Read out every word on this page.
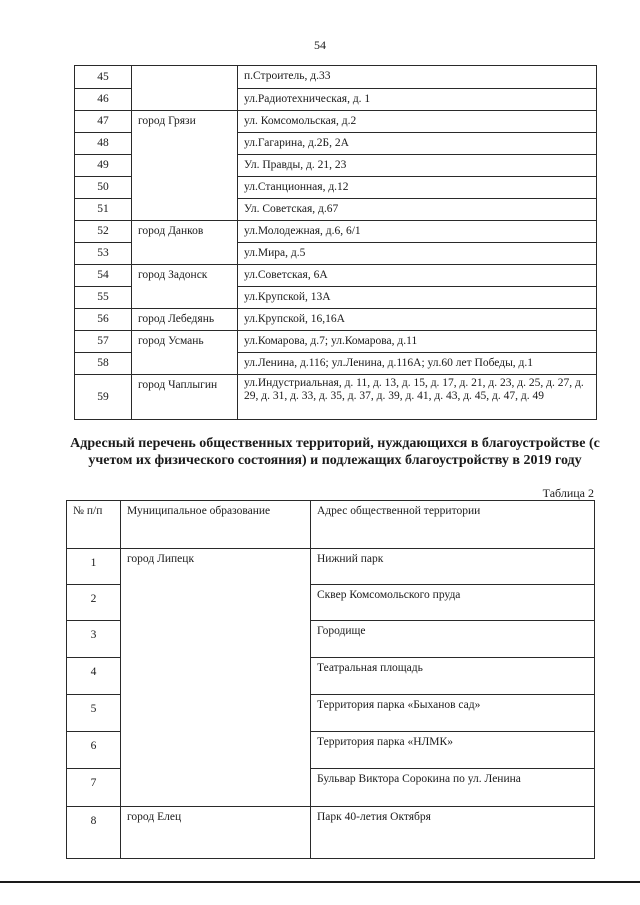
54
45		п.Строитель, д.33
46		ул.Радиотехническая, д. 1
47	город Грязи	ул. Комсомольская, д.2
48		ул.Гагарина, д.2Б, 2А
49		Ул. Правды, д. 21, 23
50		ул.Станционная, д.12
51		Ул. Советская, д.67
52	город Данков	ул.Молодежная, д.6, 6/1
53		ул.Мира, д.5
54	город Задонск	ул.Советская, 6А
55		ул.Крупской, 13А
56	город Лебедянь	ул.Крупской, 16,16А
57	город Усмань	ул.Комарова, д.7; ул.Комарова, д.11
58		ул.Ленина, д.116; ул.Ленина, д.116А; ул.60 лет Победы, д.1
59	город Чаплыгин	ул.Индустриальная, д. 11, д. 13, д. 15, д. 17, д. 21, д. 23, д. 25, д. 27, д. 29, д. 31, д. 33, д. 35, д. 37, д. 39, д. 41, д. 43, д. 45, д. 47, д. 49
Адресный перечень общественных территорий, нуждающихся в благоустройстве (с учетом их физического состояния) и подлежащих благоустройству в 2019 году
Таблица 2
№ п/п	Муниципальное образование	Адрес общественной территории
1	город Липецк	Нижний парк
2		Сквер Комсомольского пруда
3		Городище
4		Театральная площадь
5		Территория парка «Быханов сад»
6		Территория парка «НЛМК»
7		Бульвар Виктора Сорокина по ул. Ленина
8	город Елец	Парк 40-летия Октября
